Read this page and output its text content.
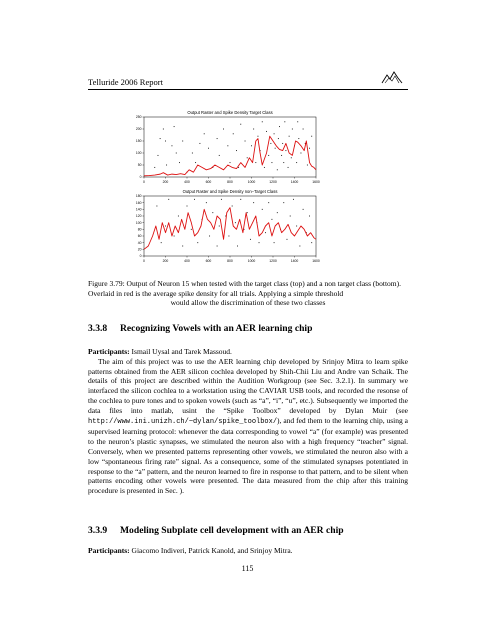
Telluride 2006 Report
Output Raster and Spike Density Target Class
0	200	400	600	800	1000	1200	1400	1600
0
50
100
150
200
250
Output Raster and Spike Density non−Target Class
0	200	400	600	800	1000	1200	1400	1600
0
20
40
60
80
100
120
140
160
180
Figure 3.79: Output of Neuron 15 when tested with the target class (top) and a non target class (bottom). Overlaid in red is the average spike density for all trials. Applying a simple threshold
would allow the discrimination of these two classes
3.3.8 Recognizing Vowels with an AER learning chip

Participants: Ismail Uysal and Tarek Massoud.

The aim of this project was to use the AER learning chip developed by Srinjoy Mitra to learn spike patterns obtained from the AER silicon cochlea developed by Shih-Chii Liu and Andre van Schaik. The details of this project are described within the Audition Workgroup (see Sec. 3.2.1). In summary we interfaced the silicon cochlea to a workstation using the CAVIAR USB tools, and recorded the resonse of the cochlea to pure tones and to spoken vowels (such as “a”, “i”, “u”, etc.). Subsequently we imported the data files into matlab, usint the “Spike Toolbox” developed by Dylan Muir (see http://www.ini.unizh.ch/~dylan/spike_toolbox/), and fed them to the learning chip, using a supervised learning protocol: whenever the data corresponding to vowel “a” (for example) was presented to the neuron’s plastic synapses, we stimulated the neuron also with a high frequency “teacher” signal. Conversely, when we presented patterns representing other vowels, we stimulated the neuron also with a low “spontaneous firing rate” signal. As a consequence, some of the stimulated synapses potentiated in response to the “a” pattern, and the neuron learned to fire in response to that pattern, and to be silent when patterns encoding other vowels were presented. The data measured from the chip after this training procedure is presented in Sec. ).

3.3.9 Modeling Subplate cell development with an AER chip

Participants: Giacomo Indiveri, Patrick Kanold, and Srinjoy Mitra.

115
